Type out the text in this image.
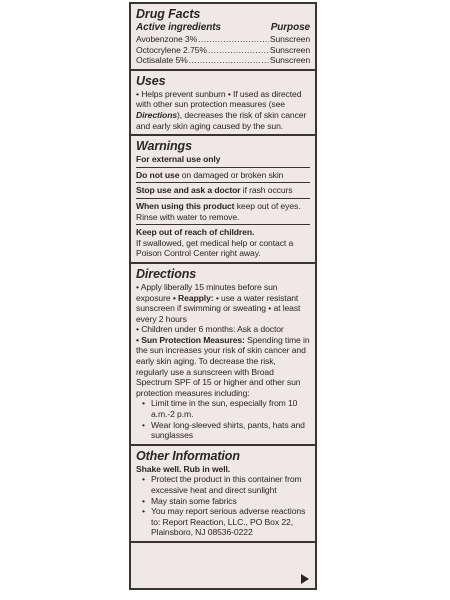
Drug Facts
Active ingredients	Purpose
Avobenzone 3% .....	Sunscreen
Octocrylene 2.75% .....	Sunscreen
Octisalate 5% .....	Sunscreen
Uses

• Helps prevent sunburn • If used as directed with other sun protection measures (see Directions), decreases the risk of skin cancer and early skin aging caused by the sun.

Warnings
For external use only
Do not use on damaged or broken skin
Stop use and ask a doctor if rash occurs
When using this product keep out of eyes. Rinse with water to remove.
Keep out of reach of children.
If swallowed, get medical help or contact a Poison Control Center right away.
Directions

• Apply liberally 15 minutes before sun exposure • Reapply: • use a water resistant sunscreen if swimming or sweating • at least every 2 hours

• Children under 6 months: Ask a doctor

• Sun Protection Measures: Spending time in the sun increases your risk of skin cancer and early skin aging. To decrease the risk, regularly use a sunscreen with Broad Spectrum SPF of 15 or higher and other sun protection measures including:

• Limit time in the sun, especially from 10 a.m.-2 p.m.
• Wear long-sleeved shirts, pants, hats and sunglasses
Other Information
Shake well. Rub in well.
• Protect the product in this container from excessive heat and direct sunlight
• May stain some fabrics
• You may report serious adverse reactions to: Report Reaction, LLC., PO Box 22, Plainsboro, NJ 08536-0222
